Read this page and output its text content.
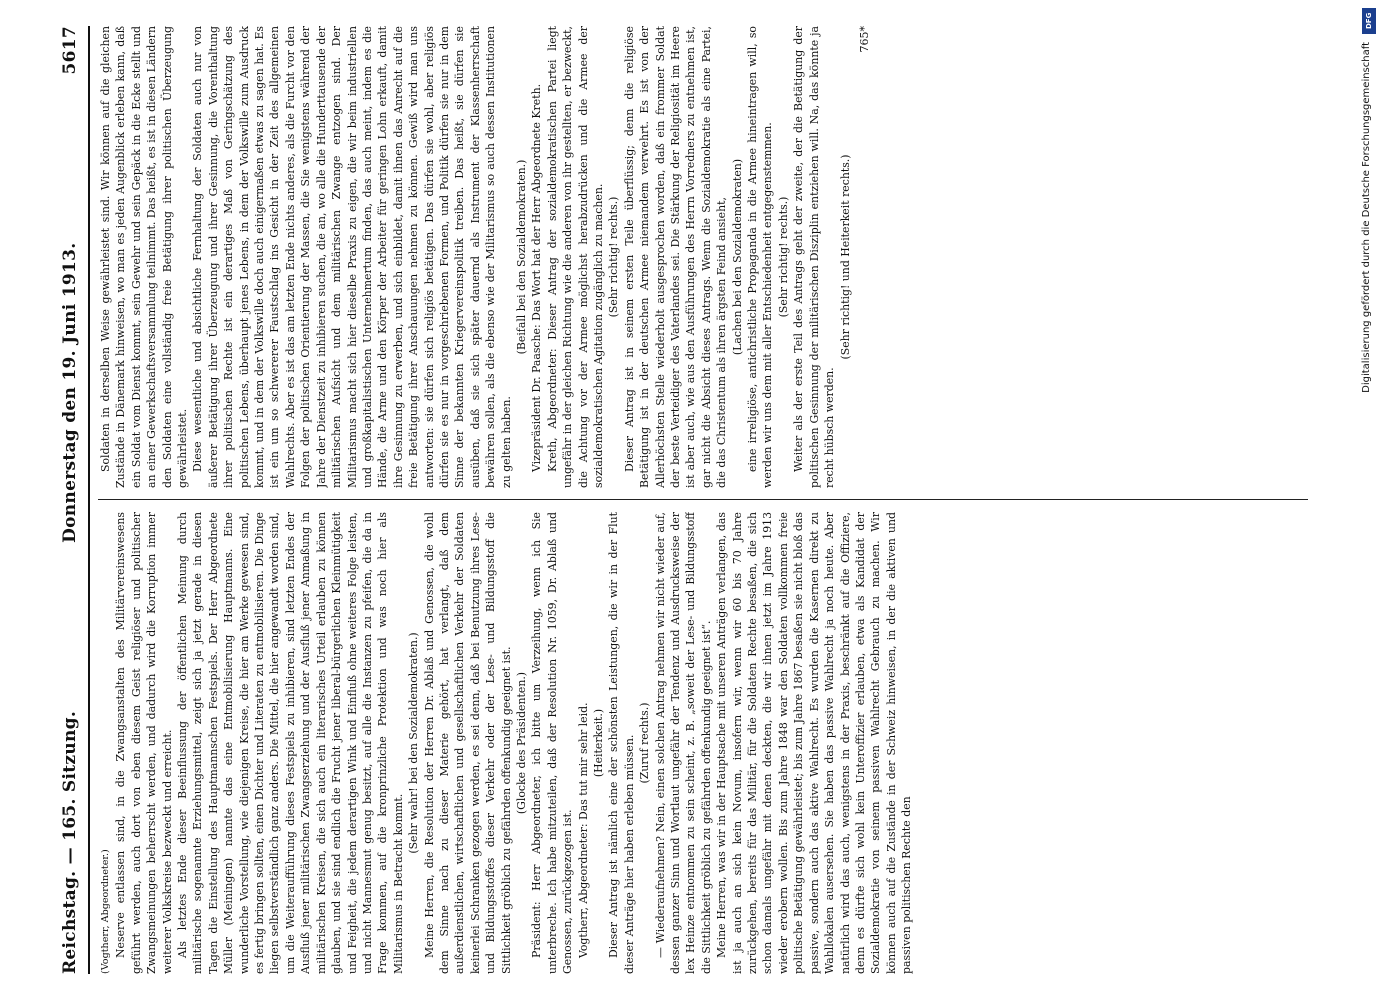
Reichstag. — 165. Sitzung.
Donnerstag den 19. Juni 1913.
5617

(Vogtherr, Abgeordneter.) Neserve entlassen sind, in die Zwangsanstalten des Militärvereinswesens geführt werden, auch dort von eben diesem Geist religiöser und politischer Zwangsmeinungen beherrscht werden, und dadurch wird die Korruption immer weiterer Volkskreise bezweckt und erreicht. Als letztes Ende dieser Beeinflussung der öffentlichen Meinung durch militärische sogenannte Erziehungsmittel, zeigt sich ja jetzt gerade in diesen Tagen die Einstellung des Hauptmannschen Festspiels. Der Herr Abgeordnete Müller (Meiningen) nannte das eine Entmobilisierung Hauptmanns. Eine wunderliche Vorstellung, wie diejenigen Kreise, die hier am Werke gewesen sind, es fertig bringen sollten, einen Dichter und Literaten zu entmobilisieren. Die Dinge liegen selbstverständlich ganz anders. Die Mittel, die hier angewandt worden sind, um die Weiteraufführung dieses Festspiels zu inhibieren, sind letzten Endes der Ausfluß jener militärischen Zwangserziehung und der Ausfluß jener Anmaßung in militärischen Kreisen, die sich auch ein literarisches Urteil erlauben zu können glauben, und sie sind endlich die Frucht jener liberal-bürgerlichen Kleinmütigkeit und Feigheit, die jedem derartigen Wink und Einfluß ohne weiteres Folge leisten, und nicht Mannesmut genug besitzt, auf alle die Instanzen zu pfeifen, die da in Frage kommen, auf die kronprinzliche Protektion und was noch hier als Militarismus in Betracht kommt.

(Sehr wahr! bei den Sozialdemokraten.) Meine Herren, die Resolution der Herren Dr. Ablaß und Genossen, die wohl dem Sinne nach zu dieser Materie gehört, hat verlangt, daß dem außerdienstlichen, wirtschaftlichen und gesellschaftlichen Verkehr der Soldaten keinerlei Schranken gezogen werden, es sei denn, daß bei Benutzung ihres Lese- und Bildungsstoffes dieser Verkehr oder der Lese- und Bildungsstoff die Sittlichkeit gröblich zu gefährden offenkundig geeignet ist. (Glocke des Präsidenten.) Präsident: Herr Abgeordneter, ich bitte um Verzeihung, wenn ich Sie unterbreche. Ich habe mitzuteilen, daß der Resolution Nr. 1059, Dr. Ablaß und Genossen, zurückgezogen ist. Vogtherr, Abgeordneter: Das tut mir sehr leid. (Heiterkeit.) Dieser Antrag ist nämlich eine der schönsten Leistungen, die wir in der Flut dieser Anträge hier haben erleben müssen. (Zuruf rechts.) — Wiederaufnehmen? Nein, einen solchen Antrag nehmen wir nicht wieder auf, dessen ganzer Sinn und Wortlaut ungefähr der Tendenz und Ausdrucksweise der lex Heinze entnommen zu sein scheint, z. B. „soweit der Lese- und Bildungsstoff die Sittlichkeit gröblich zu gefährden offenkundig geeignet ist“. Meine Herren, was wir in der Hauptsache mit unseren Anträgen verlangen, das ist ja auch an sich kein Novum, insofern wir, wenn wir 60 bis 70 Jahre zurückgehen, bereits für das Militär, für die Soldaten Rechte besaßen, die sich schon damals ungefähr mit denen deckten, die wir ihnen jetzt im Jahre 1913 wieder erobern wollen. Bis zum Jahre 1848 war den Soldaten vollkommen freie politische Betätigung gewährleistet; bis zum Jahre 1867 besaßen sie nicht bloß das passive, sondern auch das aktive Wahlrecht. Es wurden die Kasernen direkt zu Wahllokalen ausersehen. Sie haben das passive Wahlrecht ja noch heute. Aber natürlich wird das auch, wenigstens in der Praxis, beschränkt auf die Offiziere, denn es dürfte sich wohl kein Unteroffizier erlauben, etwa als Kandidat der Sozialdemokratie von seinem passiven Wahlrecht Gebrauch zu machen. Wir können auch auf die Zustände in der Schweiz hinweisen, in der die aktiven und passiven politischen Rechte den

Soldaten in derselben Weise gewährleistet sind. Wir können auf die gleichen Zustände in Dänemark hinweisen, wo man es jeden Augenblick erleben kann, daß ein Soldat vom Dienst kommt, sein Gewehr und sein Gepäck in die Ecke stellt und an einer Gewerkschaftsversammlung teilnimmt. Das heißt, es ist in diesen Ländern den Soldaten eine vollständig freie Betätigung ihrer politischen Überzeugung gewährleistet. Diese wesentliche und absichtliche Fernhaltung der Soldaten auch nur von äußerer Betätigung ihrer Überzeugung und ihrer Gesinnung, die Vorenthaltung ihrer politischen Rechte ist ein derartiges Maß von Geringschätzung des politischen Lebens, überhaupt jenes Lebens, in dem der Volkswille zum Ausdruck kommt, und in dem der Volkswille doch auch einigermaßen etwas zu sagen hat. Es ist ein um so schwererer Faustschlag ins Gesicht in der Zeit des allgemeinen Wahlrechts. Aber es ist das am letzten Ende nichts anderes, als die Furcht vor den Folgen der politischen Orientierung der Massen, die Sie wenigstens während der Jahre der Dienstzeit zu inhibieren suchen, die an, wo alle die Hunderttausende der militärischen Aufsicht und dem militärischen Zwange entzogen sind. Der Militarismus macht sich hier dieselbe Praxis zu eigen, die wir beim industriellen und großkapitalistischen Unternehmertum finden, das auch meint, indem es die Hände, die Arme und den Körper der Arbeiter für geringen Lohn erkauft, damit ihre Gesinnung zu erwerben, und sich einbildet, damit ihnen das Anrecht auf die freie Betätigung ihrer Anschauungen nehmen zu können. Gewiß wird man uns antworten: sie dürfen sich religiös betätigen. Das dürfen sie wohl, aber religiös dürfen sie es nur in vorgeschriebenen Formen, und Politik dürfen sie nur in dem Sinne der bekannten Kriegervereinspolitik treiben. Das heißt, sie dürfen sie ausüben, daß sie sich später dauernd als Instrument der Klassenherrschaft bewähren sollen, als die ebenso wie der Militarismus so auch dessen Institutionen zu gelten haben.

(Beifall bei den Sozialdemokraten.) Vizepräsident Dr. Paasche: Das Wort hat der Herr Abgeordnete Kreth. Kreth, Abgeordneter: Dieser Antrag der sozialdemokratischen Partei liegt ungefähr in der gleichen Richtung wie die anderen von ihr gestellten, er bezweckt, die Achtung vor der Armee möglichst herabzudrücken und die Armee der sozialdemokratischen Agitation zugänglich zu machen. (Sehr richtig! rechts.) Dieser Antrag ist in seinem ersten Teile überflüssig; denn die religiöse Betätigung ist in der deutschen Armee niemandem verwehrt. Es ist von der Allerhöchsten Stelle wiederholt ausgesprochen worden, daß ein frommer Soldat der beste Verteidiger des Vaterlandes sei. Die Stärkung der Religiosität im Heere ist aber auch, wie aus den Ausführungen des Herrn Vorredners zu entnehmen ist, gar nicht die Absicht dieses Antrags. Wenn die Sozialdemokratie als eine Partei, die das Christentum als ihren ärgsten Feind ansieht, (Lachen bei den Sozialdemokraten) eine irreligiöse, antichristliche Propaganda in die Armee hineintragen will, so werden wir uns dem mit aller Entschiedenheit entgegenstemmen. (Sehr richtig! rechts.) Weiter als der erste Teil des Antrags geht der zweite, der die Betätigung der politischen Gesinnung der militärischen Disziplin entziehen will. Na, das könnte ja recht hübsch werden.

(Sehr richtig! und Heiterkeit rechts.)

765*
DFG
Digitalisierung gefördert durch die Deutsche Forschungsgemeinschaft
